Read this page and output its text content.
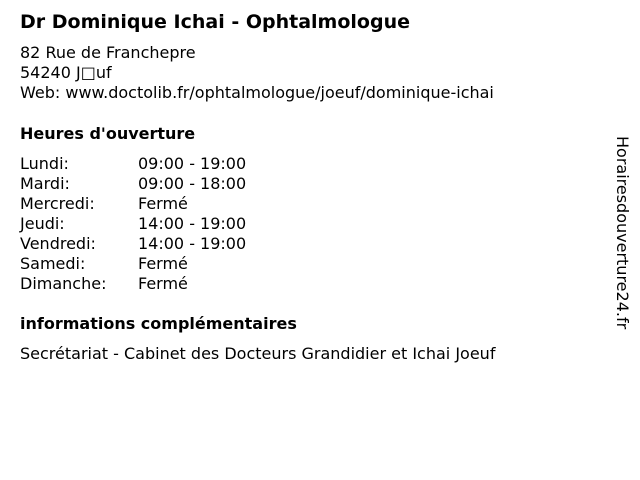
Dr Dominique Ichai - Ophtalmologue
82 Rue de Franchepre
54240 J□uf
Web: www.doctolib.fr/ophtalmologue/joeuf/dominique-ichai
Heures d'ouverture
Lundi:	09:00 - 19:00
Mardi:	09:00 - 18:00
Mercredi:	Fermé
Jeudi:	14:00 - 19:00
Vendredi:	14:00 - 19:00
Samedi:	Fermé
Dimanche: Fermé
informations complémentaires
Secrétariat - Cabinet des Docteurs Grandidier et Ichai Joeuf
Horairesdouverture24.fr
